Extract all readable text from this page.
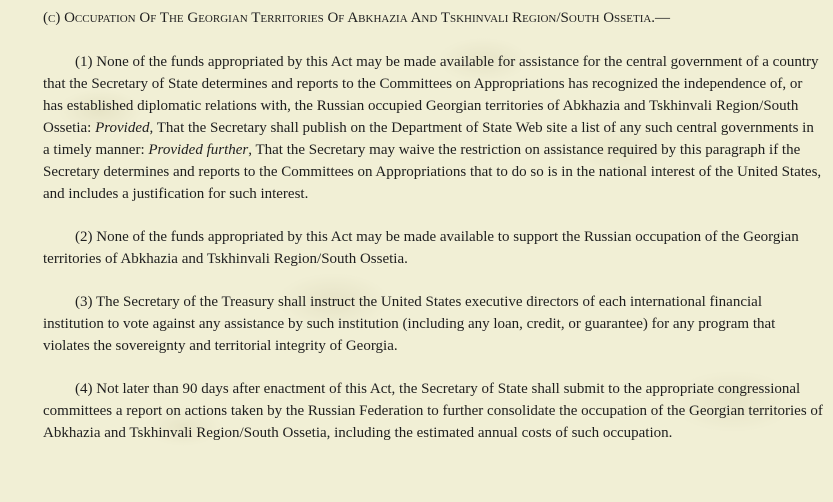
(c) Occupation Of The Georgian Territories Of Abkhazia And Tskhinvali Region/South Ossetia.—

(1) None of the funds appropriated by this Act may be made available for assistance for the central government of a country that the Secretary of State determines and reports to the Committees on Appropriations has recognized the independence of, or has established diplomatic relations with, the Russian occupied Georgian territories of Abkhazia and Tskhinvali Region/South Ossetia: Provided, That the Secretary shall publish on the Department of State Web site a list of any such central governments in a timely manner: Provided further, That the Secretary may waive the restriction on assistance required by this paragraph if the Secretary determines and reports to the Committees on Appropriations that to do so is in the national interest of the United States, and includes a justification for such interest.

(2) None of the funds appropriated by this Act may be made available to support the Russian occupation of the Georgian territories of Abkhazia and Tskhinvali Region/South Ossetia.

(3) The Secretary of the Treasury shall instruct the United States executive directors of each international financial institution to vote against any assistance by such institution (including any loan, credit, or guarantee) for any program that violates the sovereignty and territorial integrity of Georgia.

(4) Not later than 90 days after enactment of this Act, the Secretary of State shall submit to the appropriate congressional committees a report on actions taken by the Russian Federation to further consolidate the occupation of the Georgian territories of Abkhazia and Tskhinvali Region/South Ossetia, including the estimated annual costs of such occupation.
